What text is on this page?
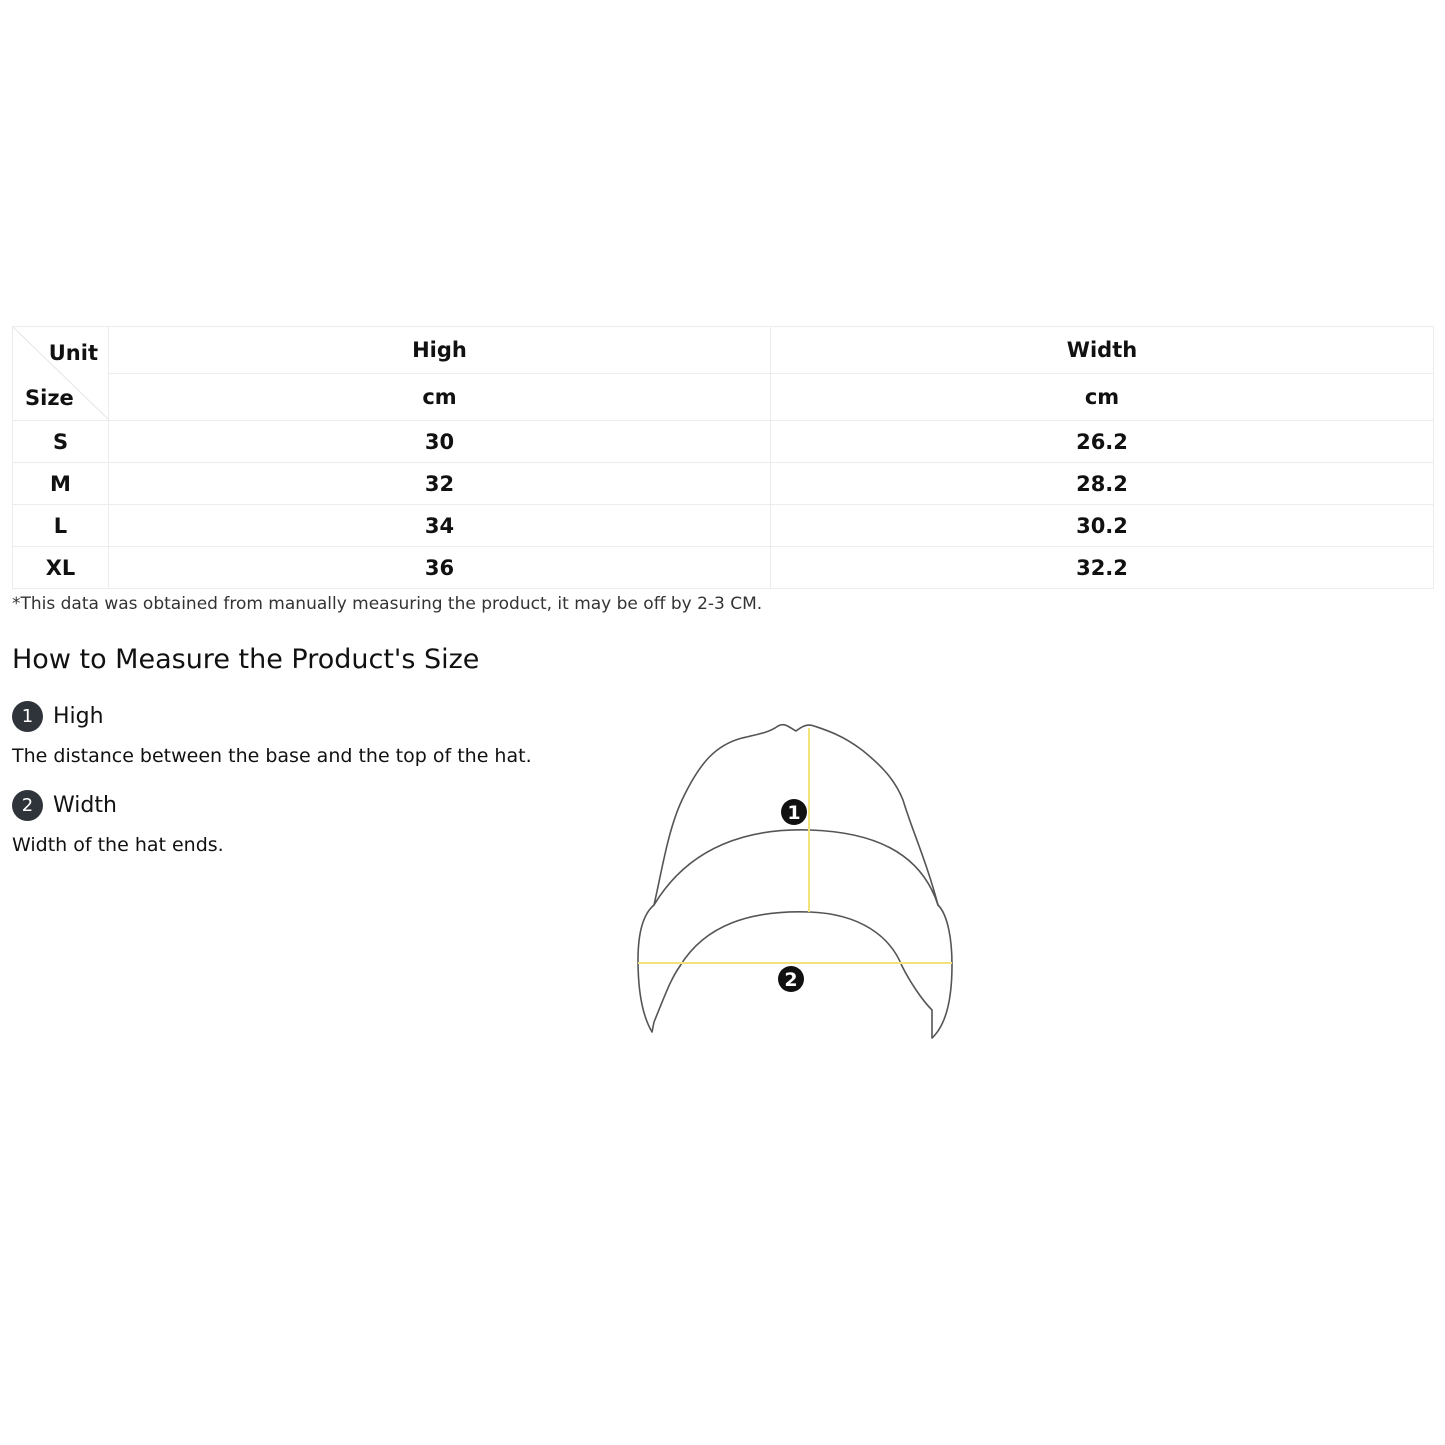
Unit
Size	High	Width
	cm	cm
S	30	26.2
M	32	28.2
L	34	30.2
XL	36	32.2

*This data was obtained from manually measuring the product, it may be off by 2-3 CM.

How to Measure the Product's Size
1 High

The distance between the base and the top of the hat.

2 Width

Width of the hat ends.

1
2
